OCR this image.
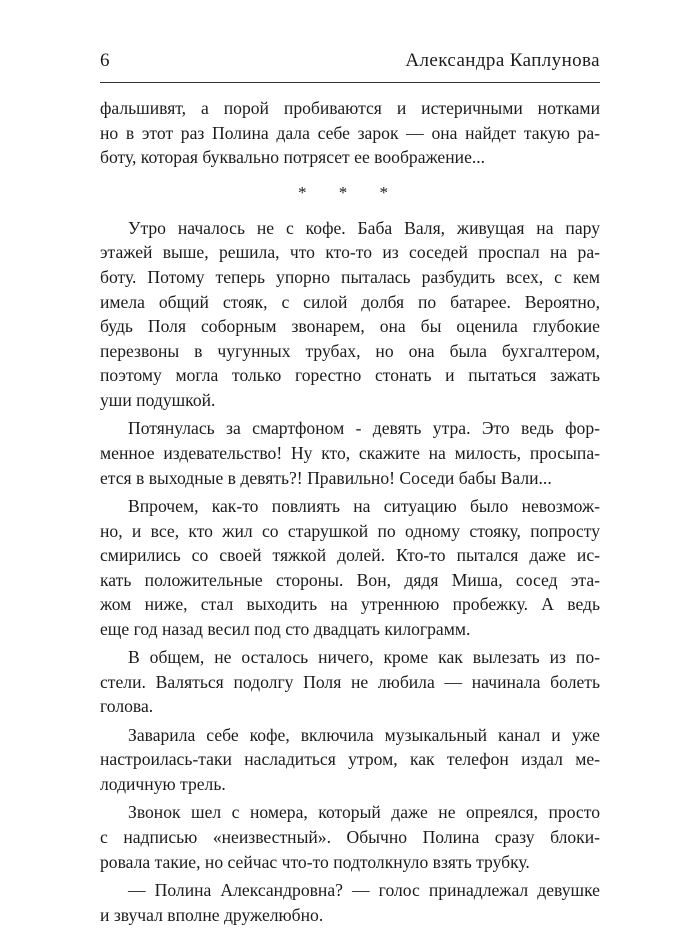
6	Александра Каплунова
фальшивят, а порой пробиваются и истеричными нотками
но в этот раз Полина дала себе зарок — она найдет такую ра-
боту, которая буквально потрясет ее воображение...
* * *
Утро началось не с кофе. Баба Валя, живущая на пару
этажей выше, решила, что кто-то из соседей проспал на ра-
боту. Потому теперь упорно пыталась разбудить всех, с кем
имела общий стояк, с силой долбя по батарее. Вероятно,
будь Поля соборным звонарем, она бы оценила глубокие
перезвоны в чугунных трубах, но она была бухгалтером,
поэтому могла только горестно стонать и пытаться зажать
уши подушкой.
Потянулась за смартфоном - девять утра. Это ведь фор-
менное издевательство! Ну кто, скажите на милость, просыпа-
ется в выходные в девять?! Правильно! Соседи бабы Вали...
Впрочем, как-то повлиять на ситуацию было невозмож-
но, и все, кто жил со старушкой по одному стояку, попросту
смирились со своей тяжкой долей. Кто-то пытался даже ис-
кать положительные стороны. Вон, дядя Миша, сосед эта-
жом ниже, стал выходить на утреннюю пробежку. А ведь
еще год назад весил под сто двадцать килограмм.
В общем, не осталось ничего, кроме как вылезать из по-
стели. Валяться подолгу Поля не любила — начинала болеть
голова.
Заварила себе кофе, включила музыкальный канал и уже
настроилась-таки насладиться утром, как телефон издал ме-
лодичную трель.
Звонок шел с номера, который даже не опреялся, просто
с надписью «неизвестный». Обычно Полина сразу блоки-
ровала такие, но сейчас что-то подтолкнуло взять трубку.
— Полина Александровна? — голос принадлежал девушке
и звучал вполне дружелюбно.
